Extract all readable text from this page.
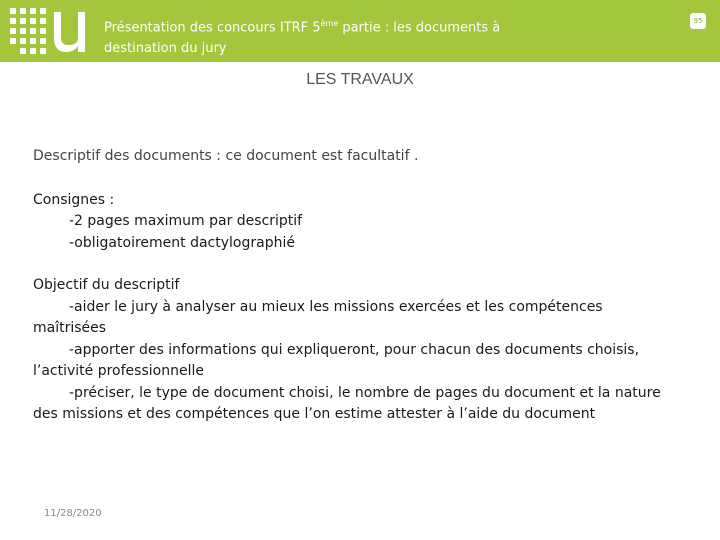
Présentation des concours ITRF 5ème partie : les documents à
destination du jury
95
LES TRAVAUX

Descriptif des documents : ce document est facultatif .

Consignes :

-2 pages maximum par descriptif

-obligatoirement dactylographié

Objectif du descriptif

-aider le jury à analyser au mieux les missions exercées et les compétences

maîtrisées

-apporter des informations qui expliqueront, pour chacun des documents choisis,

l’activité professionnelle

-préciser, le type de document choisi, le nombre de pages du document et la nature

des missions et des compétences que l’on estime attester à l’aide du document

11/28/2020
